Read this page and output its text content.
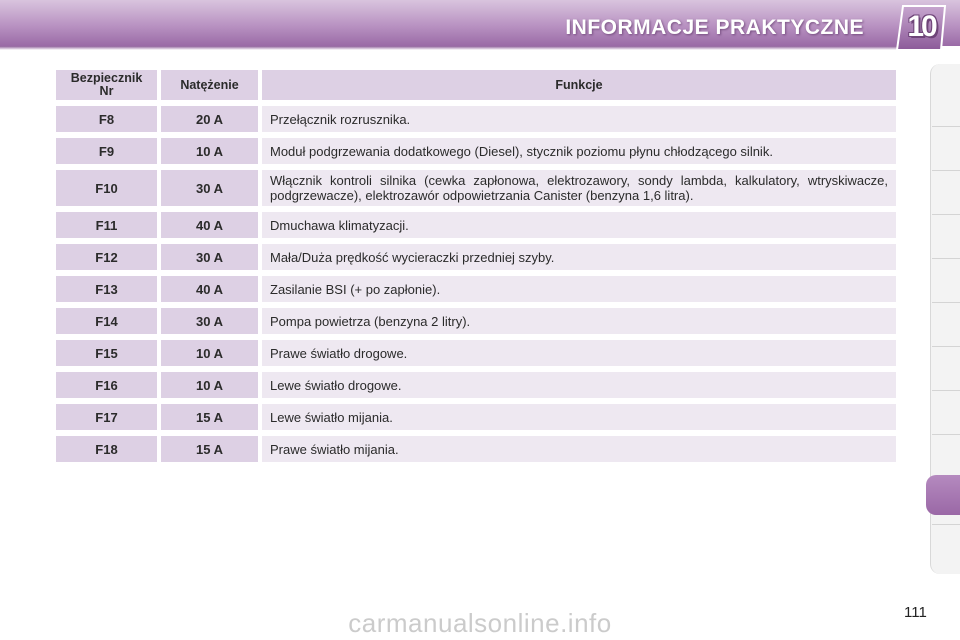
INFORMACJE PRAKTYCZNE	10
Bezpiecznik
Nr	Natężenie	Funkcje
F8	20 A	Przełącznik rozrusznika.
F9	10 A	Moduł podgrzewania dodatkowego (Diesel), stycznik poziomu płynu chłodzącego silnik.
F10	30 A	Włącznik kontroli silnika (cewka zapłonowa, elektrozawory, sondy lambda, kalkulatory, wtryskiwacze, podgrzewacze), elektrozawór odpowietrzania Canister (benzyna 1,6 litra).
F11	40 A	Dmuchawa klimatyzacji.
F12	30 A	Mała/Duża prędkość wycieraczki przedniej szyby.
F13	40 A	Zasilanie BSI (+ po zapłonie).
F14	30 A	Pompa powietrza (benzyna 2 litry).
F15	10 A	Prawe światło drogowe.
F16	10 A	Lewe światło drogowe.
F17	15 A	Lewe światło mijania.
F18	15 A	Prawe światło mijania.
111
carmanualsonline.info
